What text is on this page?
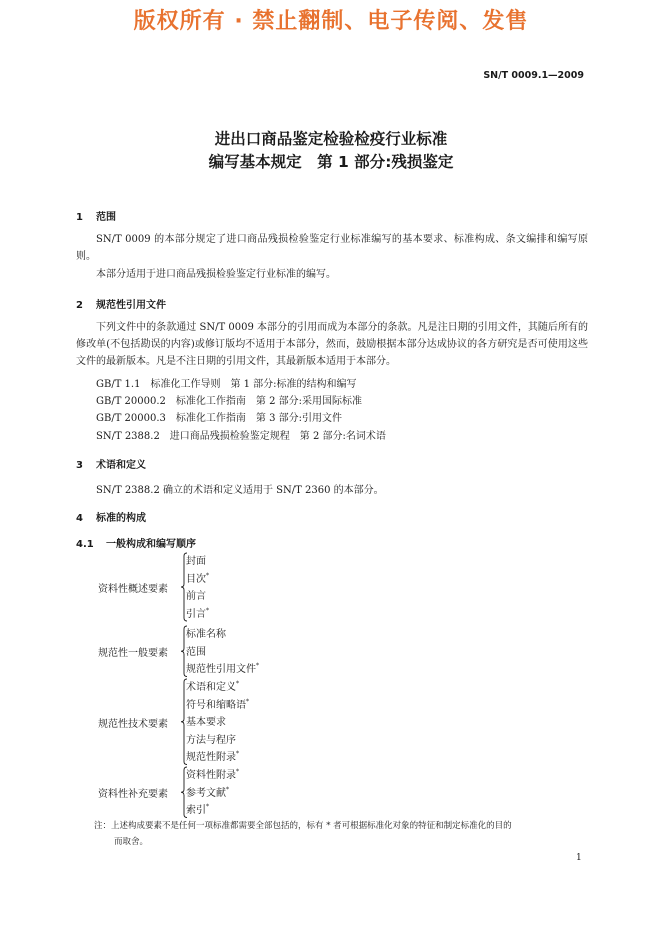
版权所有 · 禁止翻制、电子传阅、发售
SN/T 0009.1—2009
进出口商品鉴定检验检疫行业标准
编写基本规定　第 1 部分:残损鉴定
1 范围
SN/T 0009 的本部分规定了进口商品残损检验鉴定行业标准编写的基本要求、标准构成、条文编排和编写原则。
本部分适用于进口商品残损检验鉴定行业标准的编写。
2 规范性引用文件
下列文件中的条款通过 SN/T 0009 本部分的引用而成为本部分的条款。凡是注日期的引用文件，其随后所有的修改单(不包括勘误的内容)或修订版均不适用于本部分，然而，鼓励根据本部分达成协议的各方研究是否可使用这些文件的最新版本。凡是不注日期的引用文件，其最新版本适用于本部分。
GB/T 1.1　标准化工作导则　第 1 部分:标准的结构和编写
GB/T 20000.2　标准化工作指南　第 2 部分:采用国际标准
GB/T 20000.3　标准化工作指南　第 3 部分:引用文件
SN/T 2388.2　进口商品残损检验鉴定规程　第 2 部分:名词术语
3 术语和定义
SN/T 2388.2 确立的术语和定义适用于 SN/T 2360 的本部分。
4 标准的构成
4.1 一般构成和编写顺序
资料性概述要素
封面
目次*
前言
引言*
规范性一般要素
标准名称
范围
规范性引用文件*
规范性技术要素
术语和定义*
符号和缩略语*
基本要求
方法与程序
规范性附录*
资料性补充要素
资料性附录*
参考文献*
索引*
注：上述构成要素不是任何一项标准都需要全部包括的，标有 * 者可根据标准化对象的特征和制定标准化的目的
而取舍。
1
